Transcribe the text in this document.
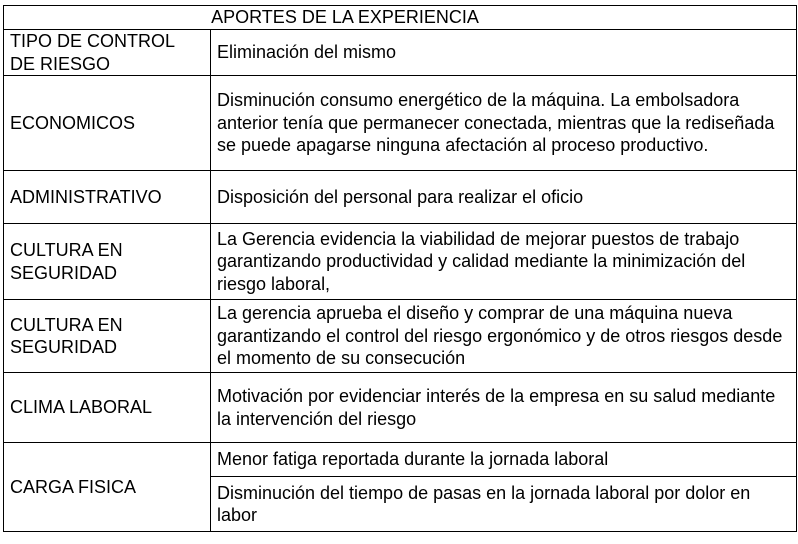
APORTES DE LA EXPERIENCIA	
TIPO DE CONTROL DE RIESGO	Eliminación del mismo
ECONOMICOS	Disminución consumo energético de la máquina. La embolsadora anterior tenía que permanecer conectada, mientras que la rediseñada se puede apagarse ninguna afectación al proceso productivo.
ADMINISTRATIVO	Disposición del personal para realizar el oficio
CULTURA EN SEGURIDAD	La Gerencia evidencia la viabilidad de mejorar puestos de trabajo garantizando productividad y calidad mediante la minimización del riesgo laboral,
CULTURA EN SEGURIDAD	La gerencia aprueba el diseño y comprar de una máquina nueva garantizando el control del riesgo ergonómico y de otros riesgos desde el momento de su consecución
CLIMA LABORAL	Motivación por evidenciar interés de la empresa en su salud mediante la intervención del riesgo
CARGA FISICA	Menor fatiga reportada durante la jornada laboral
	Disminución del tiempo de pasas en la jornada laboral por dolor en labor
